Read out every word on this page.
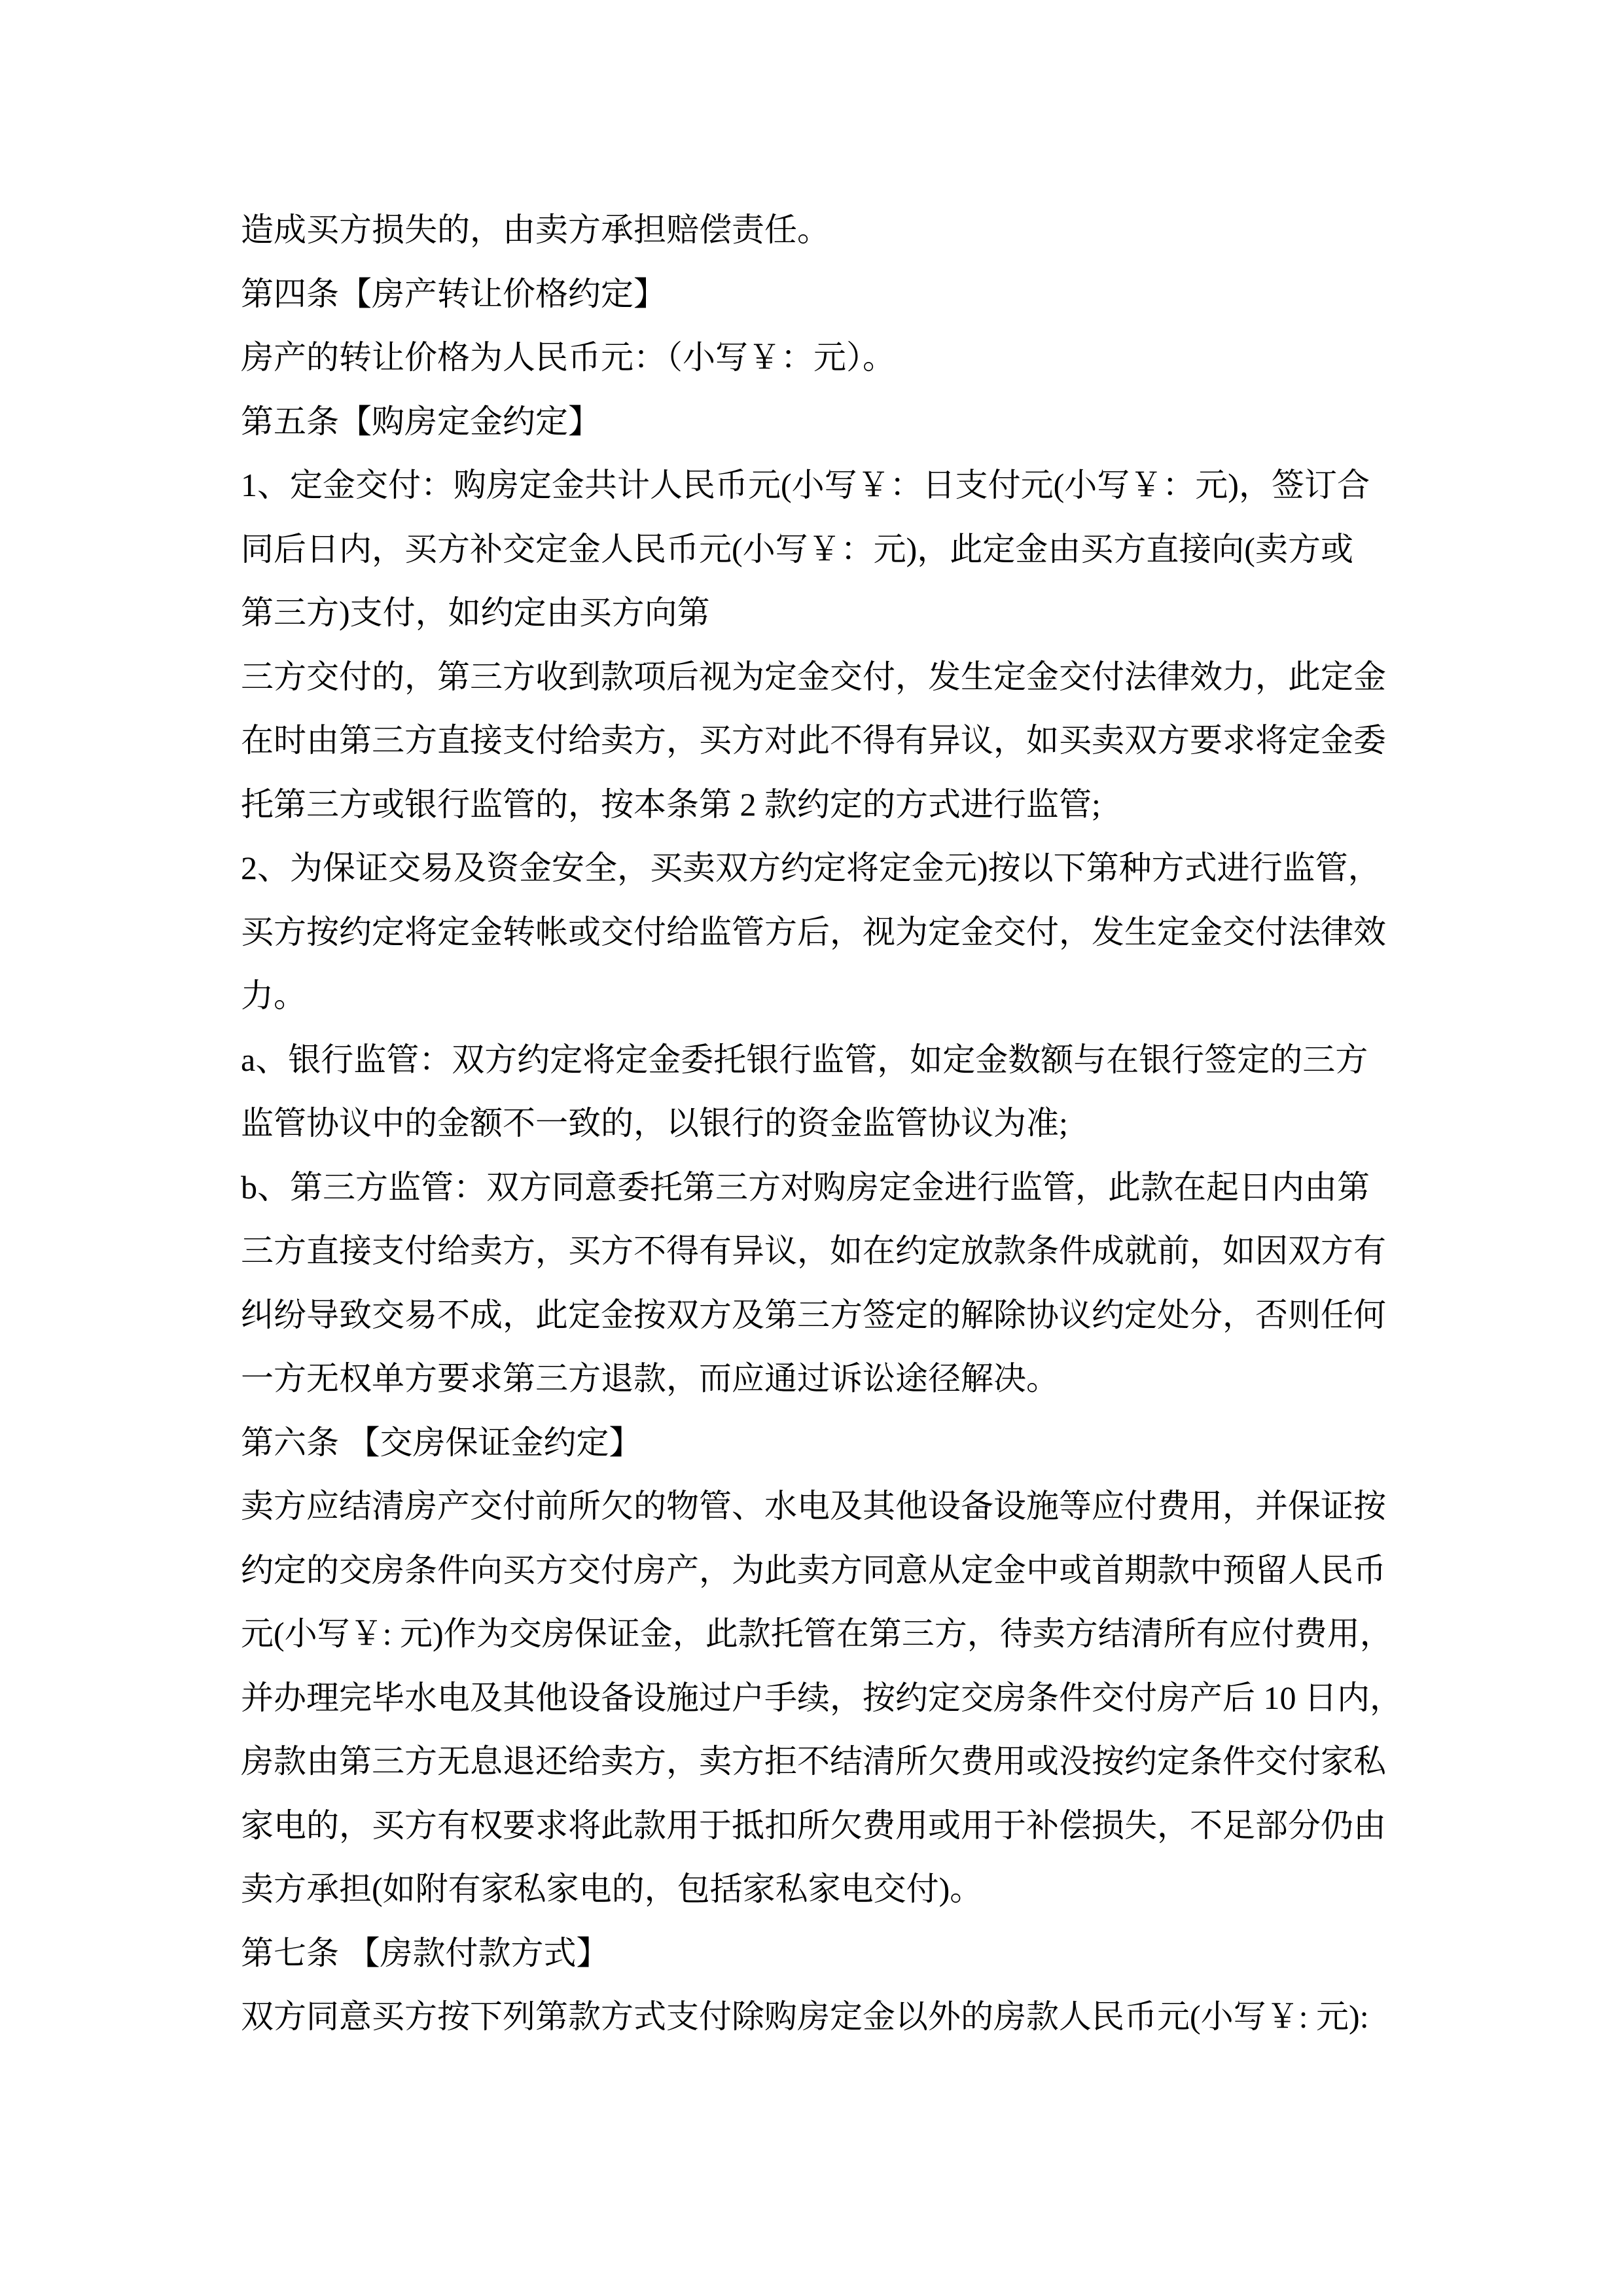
造成买方损失的，由卖方承担赔偿责任。
第四条【房产转让价格约定】
房产的转让价格为人民币元：（小写￥：元）。
第五条【购房定金约定】
1、定金交付：购房定金共计人民币元(小写￥：日支付元(小写￥：元)，签订合
同后日内，买方补交定金人民币元(小写￥：元)，此定金由买方直接向(卖方或
第三方)支付，如约定由买方向第
三方交付的，第三方收到款项后视为定金交付，发生定金交付法律效力，此定金
在时由第三方直接支付给卖方，买方对此不得有异议，如买卖双方要求将定金委
托第三方或银行监管的，按本条第 2 款约定的方式进行监管;
2、为保证交易及资金安全，买卖双方约定将定金元)按以下第种方式进行监管，
买方按约定将定金转帐或交付给监管方后，视为定金交付，发生定金交付法律效
力。
a、银行监管：双方约定将定金委托银行监管，如定金数额与在银行签定的三方
监管协议中的金额不一致的，以银行的资金监管协议为准;
b、第三方监管：双方同意委托第三方对购房定金进行监管，此款在起日内由第
三方直接支付给卖方，买方不得有异议，如在约定放款条件成就前，如因双方有
纠纷导致交易不成，此定金按双方及第三方签定的解除协议约定处分，否则任何
一方无权单方要求第三方退款，而应通过诉讼途径解决。
第六条 【交房保证金约定】
卖方应结清房产交付前所欠的物管、水电及其他设备设施等应付费用，并保证按
约定的交房条件向买方交付房产，为此卖方同意从定金中或首期款中预留人民币
元(小写￥: 元)作为交房保证金，此款托管在第三方，待卖方结清所有应付费用，
并办理完毕水电及其他设备设施过户手续，按约定交房条件交付房产后 10 日内，
房款由第三方无息退还给卖方，卖方拒不结清所欠费用或没按约定条件交付家私
家电的，买方有权要求将此款用于抵扣所欠费用或用于补偿损失，不足部分仍由
卖方承担(如附有家私家电的，包括家私家电交付)。
第七条 【房款付款方式】
双方同意买方按下列第款方式支付除购房定金以外的房款人民币元(小写￥: 元):
